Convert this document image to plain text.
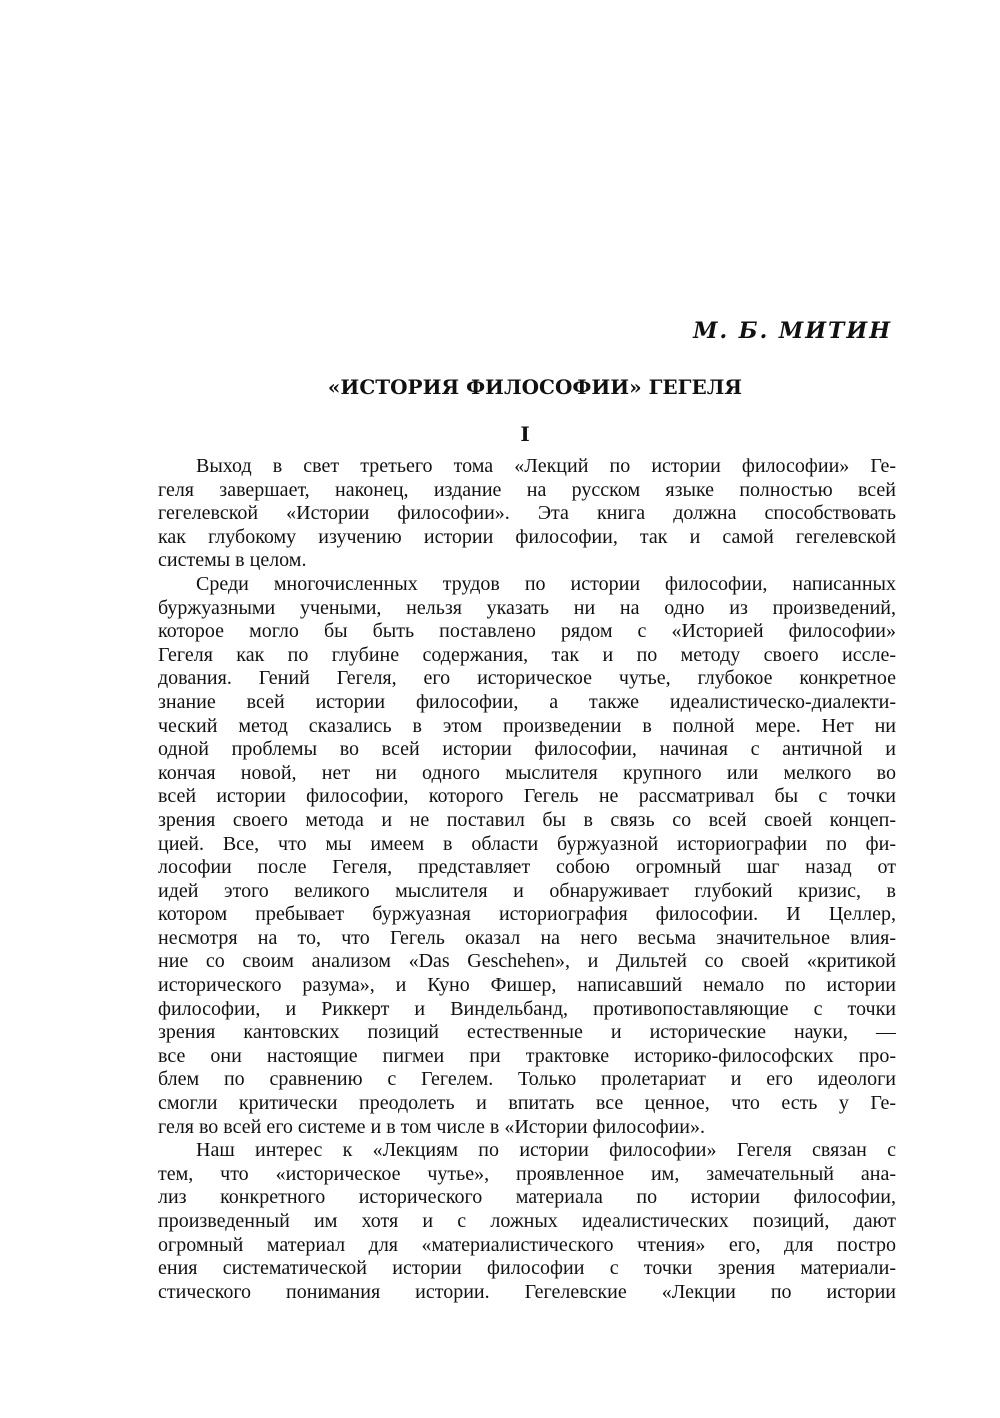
М. Б. МИТИН
«ИСТОРИЯ ФИЛОСОФИИ» ГЕГЕЛЯ
I
Выход в свет третьего тома «Лекций по истории философии» Ге-
геля завершает, наконец, издание на русском языке полностью всей
гегелевской «Истории философии». Эта книга должна способствовать
как глубокому изучению истории философии, так и самой гегелевской
системы в целом.
Среди многочисленных трудов по истории философии, написанных
буржуазными учеными, нельзя указать ни на одно из произведений,
которое могло бы быть поставлено рядом с «Историей философии»
Гегеля как по глубине содержания, так и по методу своего иссле-
дования. Гений Гегеля, его историческое чутье, глубокое конкретное
знание всей истории философии, а также идеалистическо-диалекти-
ческий метод сказались в этом произведении в полной мере. Нет ни
одной проблемы во всей истории философии, начиная с античной и
кончая новой, нет ни одного мыслителя крупного или мелкого во
всей истории философии, которого Гегель не рассматривал бы с точки
зрения своего метода и не поставил бы в связь со всей своей концеп-
цией. Все, что мы имеем в области буржуазной историографии по фи-
лософии после Гегеля, представляет собою огромный шаг назад от
идей этого великого мыслителя и обнаруживает глубокий кризис, в
котором пребывает буржуазная историография философии. И Целлер,
несмотря на то, что Гегель оказал на него весьма значительное влия-
ние со своим анализом «Das Geschehen», и Дильтей со своей «критикой
исторического разума», и Куно Фишер, написавший немало по истории
философии, и Риккерт и Виндельбанд, противопоставляющие с точки
зрения кантовских позиций естественные и исторические науки, —
все они настоящие пигмеи при трактовке историко-философских про-
блем по сравнению с Гегелем. Только пролетариат и его идеологи
смогли критически преодолеть и впитать все ценное, что есть у Ге-
геля во всей его системе и в том числе в «Истории философии».
Наш интерес к «Лекциям по истории философии» Гегеля связан с
тем, что «историческое чутье», проявленное им, замечательный ана-
лиз конкретного исторического материала по истории философии,
произведенный им хотя и с ложных идеалистических позиций, дают
огромный материал для «материалистического чтения» его, для постро
ения систематической истории философии с точки зрения материали-
стического понимания истории. Гегелевские «Лекции по истории
